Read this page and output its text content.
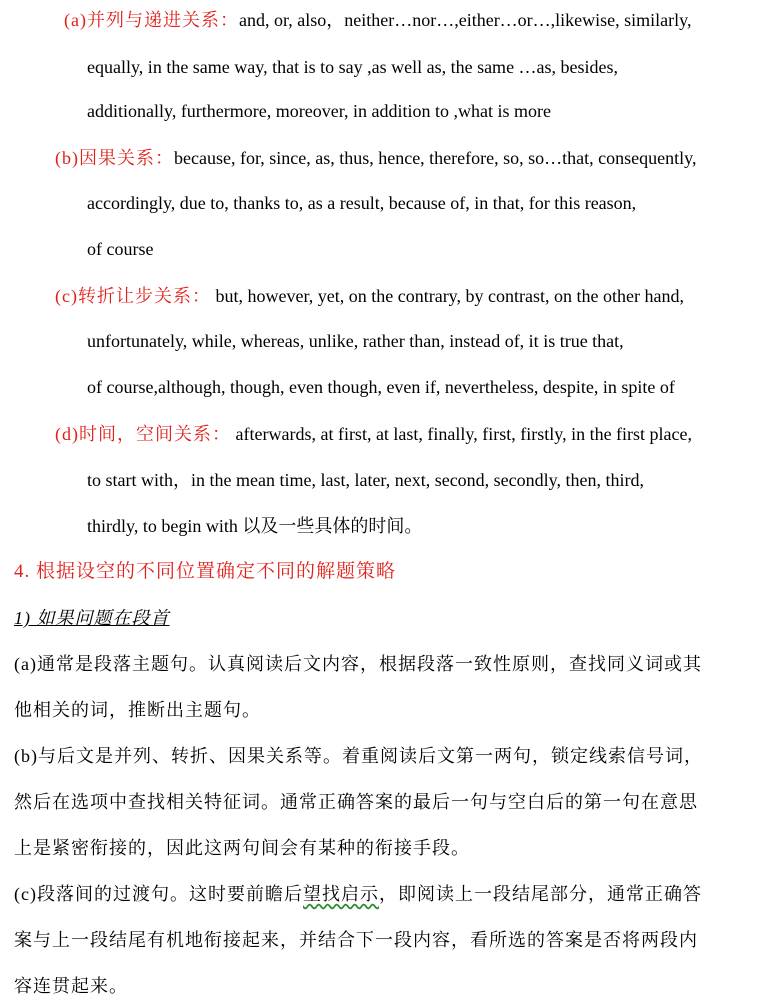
(a)并列与递进关系：and, or, also，neither…nor…,either…or…,likewise, similarly,
equally, in the same way, that is to say ,as well as, the same …as, besides,
additionally, furthermore, moreover, in addition to ,what is more
(b)因果关系：because, for, since, as, thus, hence, therefore, so, so…that, consequently,
accordingly, due to, thanks to, as a result, because of, in that, for this reason,
of course
(c)转折让步关系： but, however, yet, on the contrary, by contrast, on the other hand,
unfortunately, while, whereas, unlike, rather than, instead of, it is true that,
of course,although, though, even though, even if, nevertheless, despite, in spite of
(d)时间，空间关系： afterwards, at first, at last, finally, first, firstly, in the first place,
to start with，in the mean time, last, later, next, second, secondly, then, third,
thirdly, to begin with 以及一些具体的时间。
4. 根据设空的不同位置确定不同的解题策略
1) 如果问题在段首
(a)通常是段落主题句。认真阅读后文内容，根据段落一致性原则，查找同义词或其
他相关的词，推断出主题句。
(b)与后文是并列、转折、因果关系等。着重阅读后文第一两句，锁定线索信号词，
然后在选项中查找相关特征词。通常正确答案的最后一句与空白后的第一句在意思
上是紧密衔接的，因此这两句间会有某种的衔接手段。
(c)段落间的过渡句。这时要前瞻后望找启示，即阅读上一段结尾部分，通常正确答
案与上一段结尾有机地衔接起来，并结合下一段内容，看所选的答案是否将两段内
容连贯起来。
